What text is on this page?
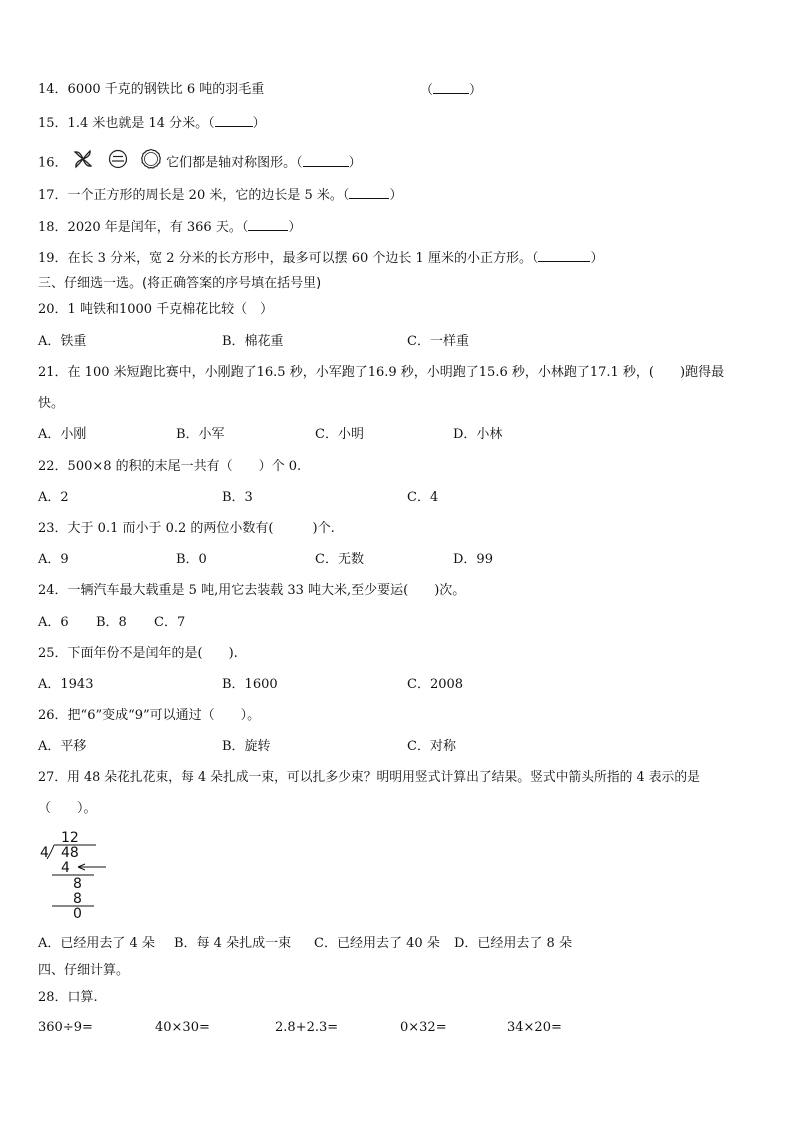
14．6000 千克的钢铁比 6 吨的羽毛重	（	）
15．1.4 米也就是 14 分米。（	）
16．	它们都是轴对称图形。（	）
17．一个正方形的周长是 20 米，它的边长是 5 米。（	）
18．2020 年是闰年，有 366 天。（	）
19．在长 3 分米，宽 2 分米的长方形中，最多可以摆 60 个边长 1 厘米的小正方形。（	）
三、仔细选一选。(将正确答案的序号填在括号里)
20．1 吨铁和1000 千克棉花比较（　）
A．铁重	B．棉花重	C．一样重
21．在 100 米短跑比赛中，小刚跑了16.5 秒，小军跑了16.9 秒，小明跑了15.6 秒，小林跑了17.1 秒，(　　)跑得最
快。
A．小刚	B．小军	C．小明	D．小林
22．500×8 的积的末尾一共有（　　）个 0.
A．2	B．3	C．4
23．大于 0.1 而小于 0.2 的两位小数有(　　　)个.
A．9	B．0	C．无数	D．99
24．一辆汽车最大载重是 5 吨,用它去装载 33 吨大米,至少要运(　　)次。
A．6 B．8 C．7
25．下面年份不是闰年的是(　　).
A．1943	B．1600	C．2008
26．把“6”变成“9”可以通过（　　）。
A．平移	B．旋转	C．对称
27．用 48 朵花扎花束，每 4 朵扎成一束，可以扎多少束？明明用竖式计算出了结果。竖式中箭头所指的 4 表示的是
（　　）。
12
4 48
4
8
8
0
A．已经用去了 4 朵 B．每 4 朵扎成一束 C．已经用去了 40 朵 D．已经用去了 8 朵
四、仔细计算。
28．口算.
360÷9=	40×30=	2.8+2.3=	0×32=	34×20=
